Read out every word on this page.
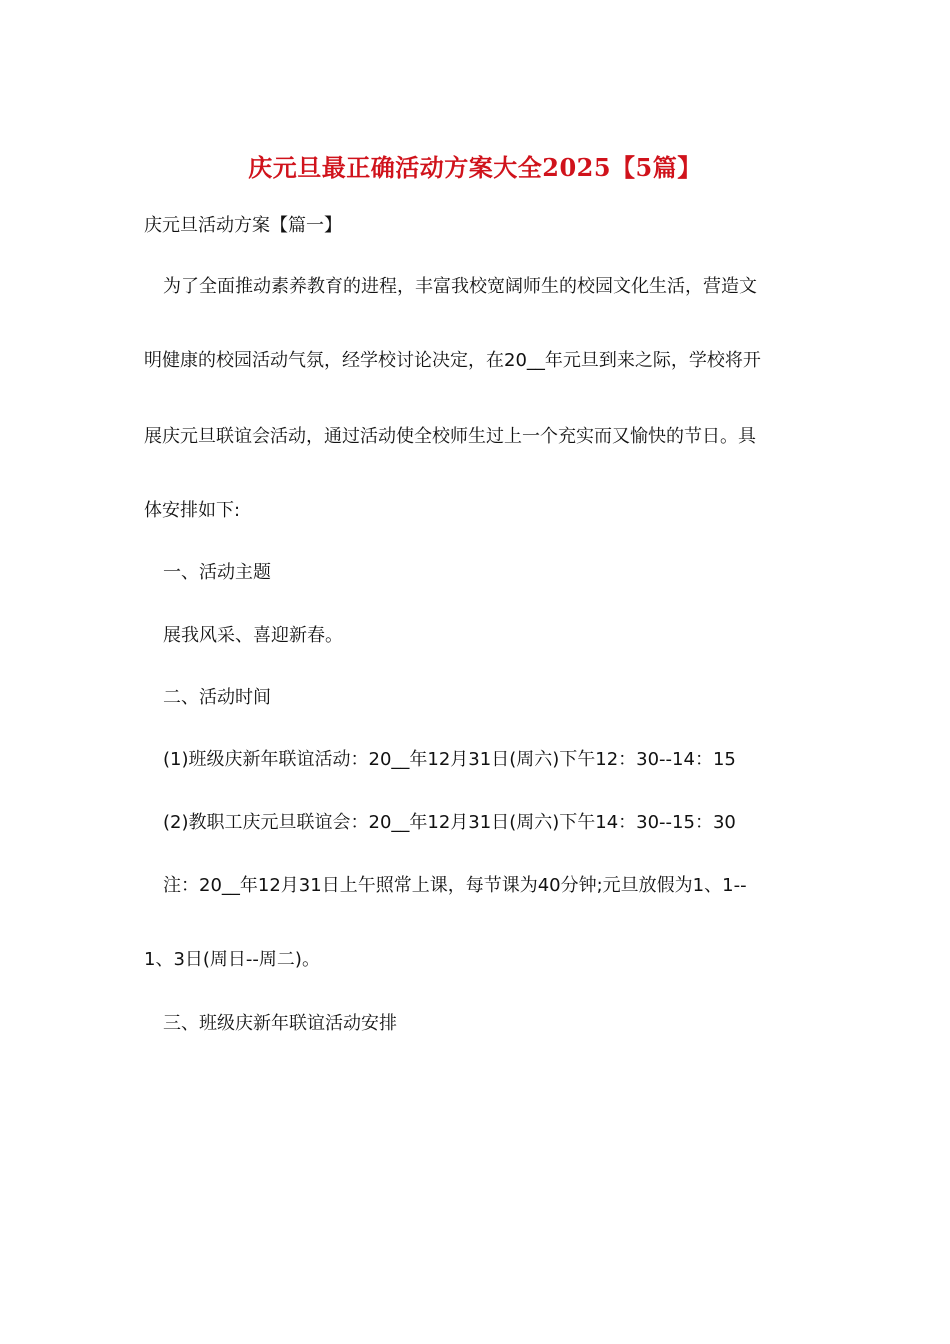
庆元旦最正确活动方案大全2025【5篇】
庆元旦活动方案【篇一】
为了全面推动素养教育的进程，丰富我校宽阔师生的校园文化生活，营造文
明健康的校园活动气氛，经学校讨论决定，在20__年元旦到来之际，学校将开
展庆元旦联谊会活动，通过活动使全校师生过上一个充实而又愉快的节日。具
体安排如下:
一、活动主题
展我风采、喜迎新春。
二、活动时间
(1)班级庆新年联谊活动：20__年12月31日(周六)下午12：30--14：15
(2)教职工庆元旦联谊会：20__年12月31日(周六)下午14：30--15：30
注：20__年12月31日上午照常上课，每节课为40分钟;元旦放假为1、1--
1、3日(周日--周二)。
三、班级庆新年联谊活动安排
